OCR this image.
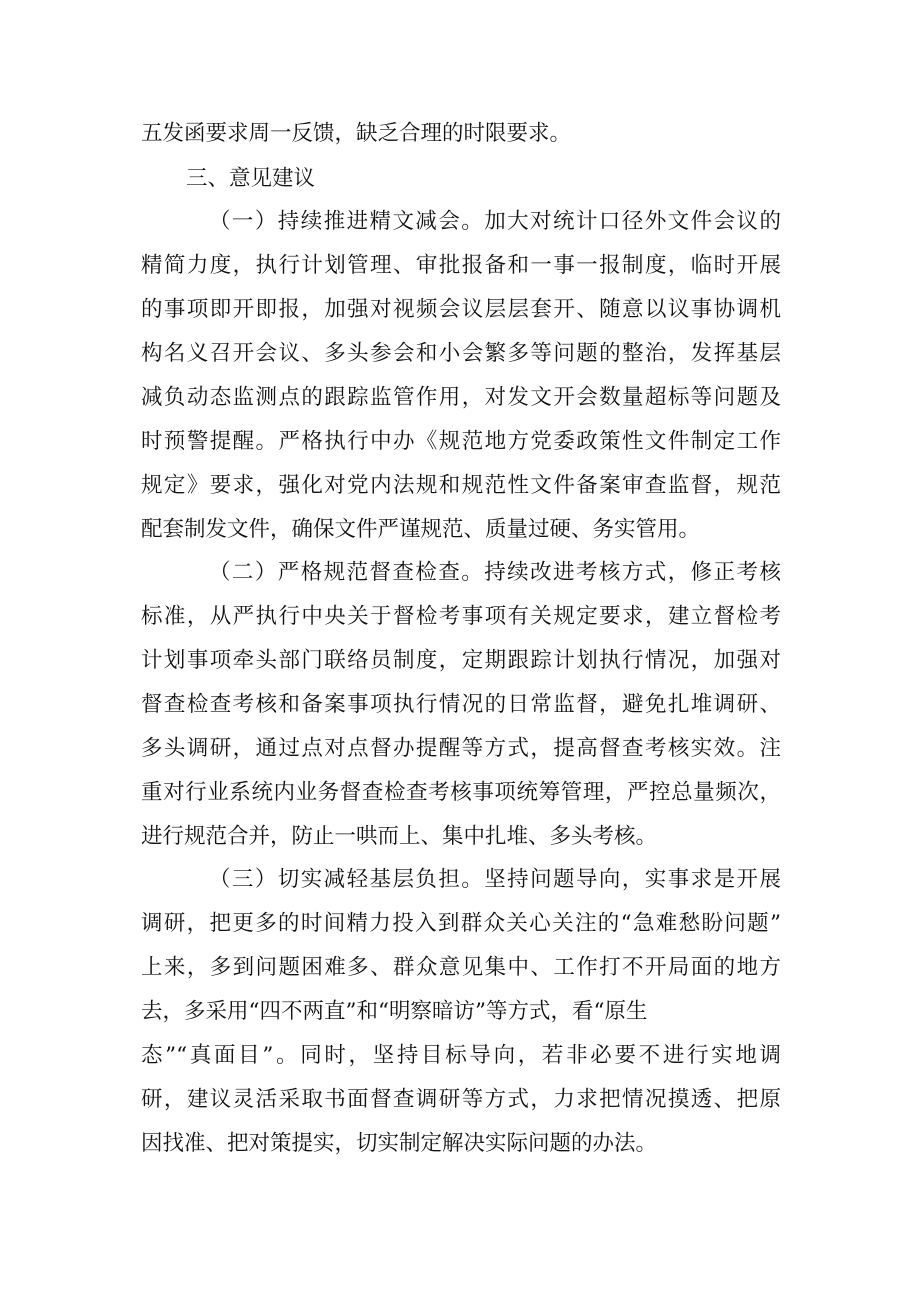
五发函要求周一反馈，缺乏合理的时限要求。
三、意见建议
（一）持续推进精文减会。加大对统计口径外文件会议的
精简力度，执行计划管理、审批报备和一事一报制度，临时开展
的事项即开即报，加强对视频会议层层套开、随意以议事协调机
构名义召开会议、多头参会和小会繁多等问题的整治，发挥基层
减负动态监测点的跟踪监管作用，对发文开会数量超标等问题及
时预警提醒。严格执行中办《规范地方党委政策性文件制定工作
规定》要求，强化对党内法规和规范性文件备案审查监督，规范
配套制发文件，确保文件严谨规范、质量过硬、务实管用。
（二）严格规范督查检查。持续改进考核方式，修正考核
标准，从严执行中央关于督检考事项有关规定要求，建立督检考
计划事项牵头部门联络员制度，定期跟踪计划执行情况，加强对
督查检查考核和备案事项执行情况的日常监督，避免扎堆调研、
多头调研，通过点对点督办提醒等方式，提高督查考核实效。注
重对行业系统内业务督查检查考核事项统筹管理，严控总量频次，
进行规范合并，防止一哄而上、集中扎堆、多头考核。
（三）切实减轻基层负担。坚持问题导向，实事求是开展
调研，把更多的时间精力投入到群众关心关注的“急难愁盼问题”
上来，多到问题困难多、群众意见集中、工作打不开局面的地方
去，多采用“四不两直”和“明察暗访”等方式，看“原生
态”“真面目”。同时，坚持目标导向，若非必要不进行实地调
研，建议灵活采取书面督查调研等方式，力求把情况摸透、把原
因找准、把对策提实，切实制定解决实际问题的办法。
